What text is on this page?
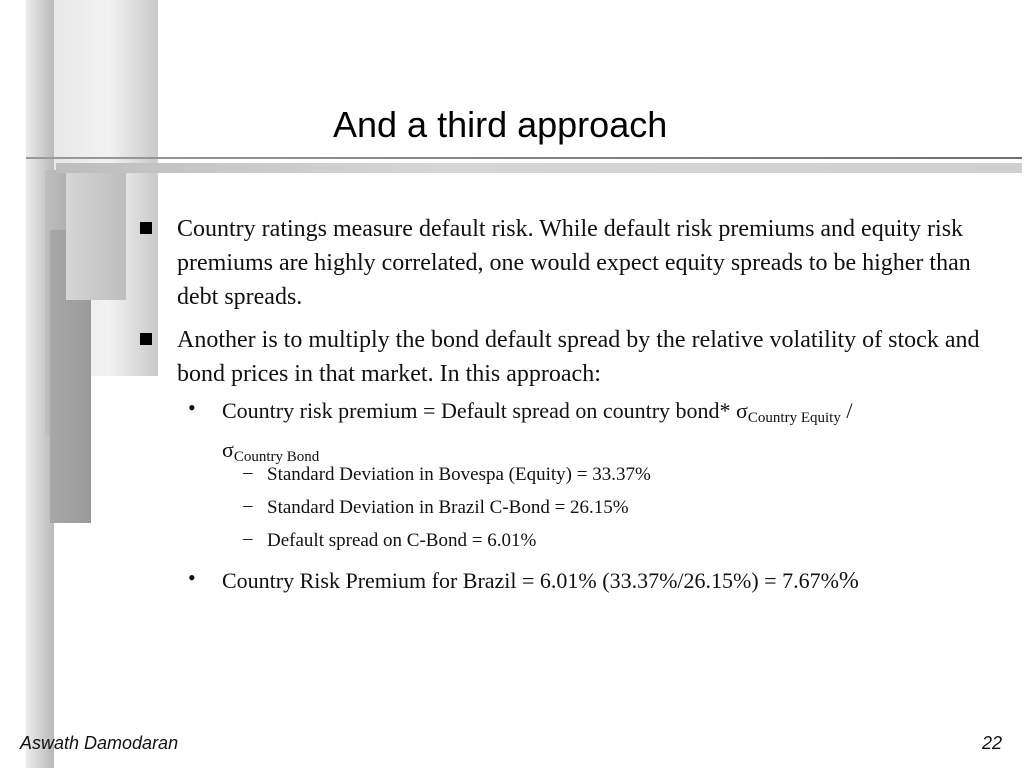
And a third approach
Country ratings measure default risk. While default risk premiums and equity risk premiums are highly correlated, one would expect equity spreads to be higher than debt spreads.
Another is to multiply the bond default spread by the relative volatility of stock and bond prices in that market. In this approach:
• Country risk premium = Default spread on country bond* $\sigma_{Country Equity}$ /
$\sigma_{Country Bond}$
– Standard Deviation in Bovespa (Equity) = 33.37%
– Standard Deviation in Brazil C-Bond = 26.15%
– Default spread on C-Bond = 6.01%
• Country Risk Premium for Brazil = 6.01% (33.37%/26.15%) = 7.67%%
Aswath Damodaran	22
